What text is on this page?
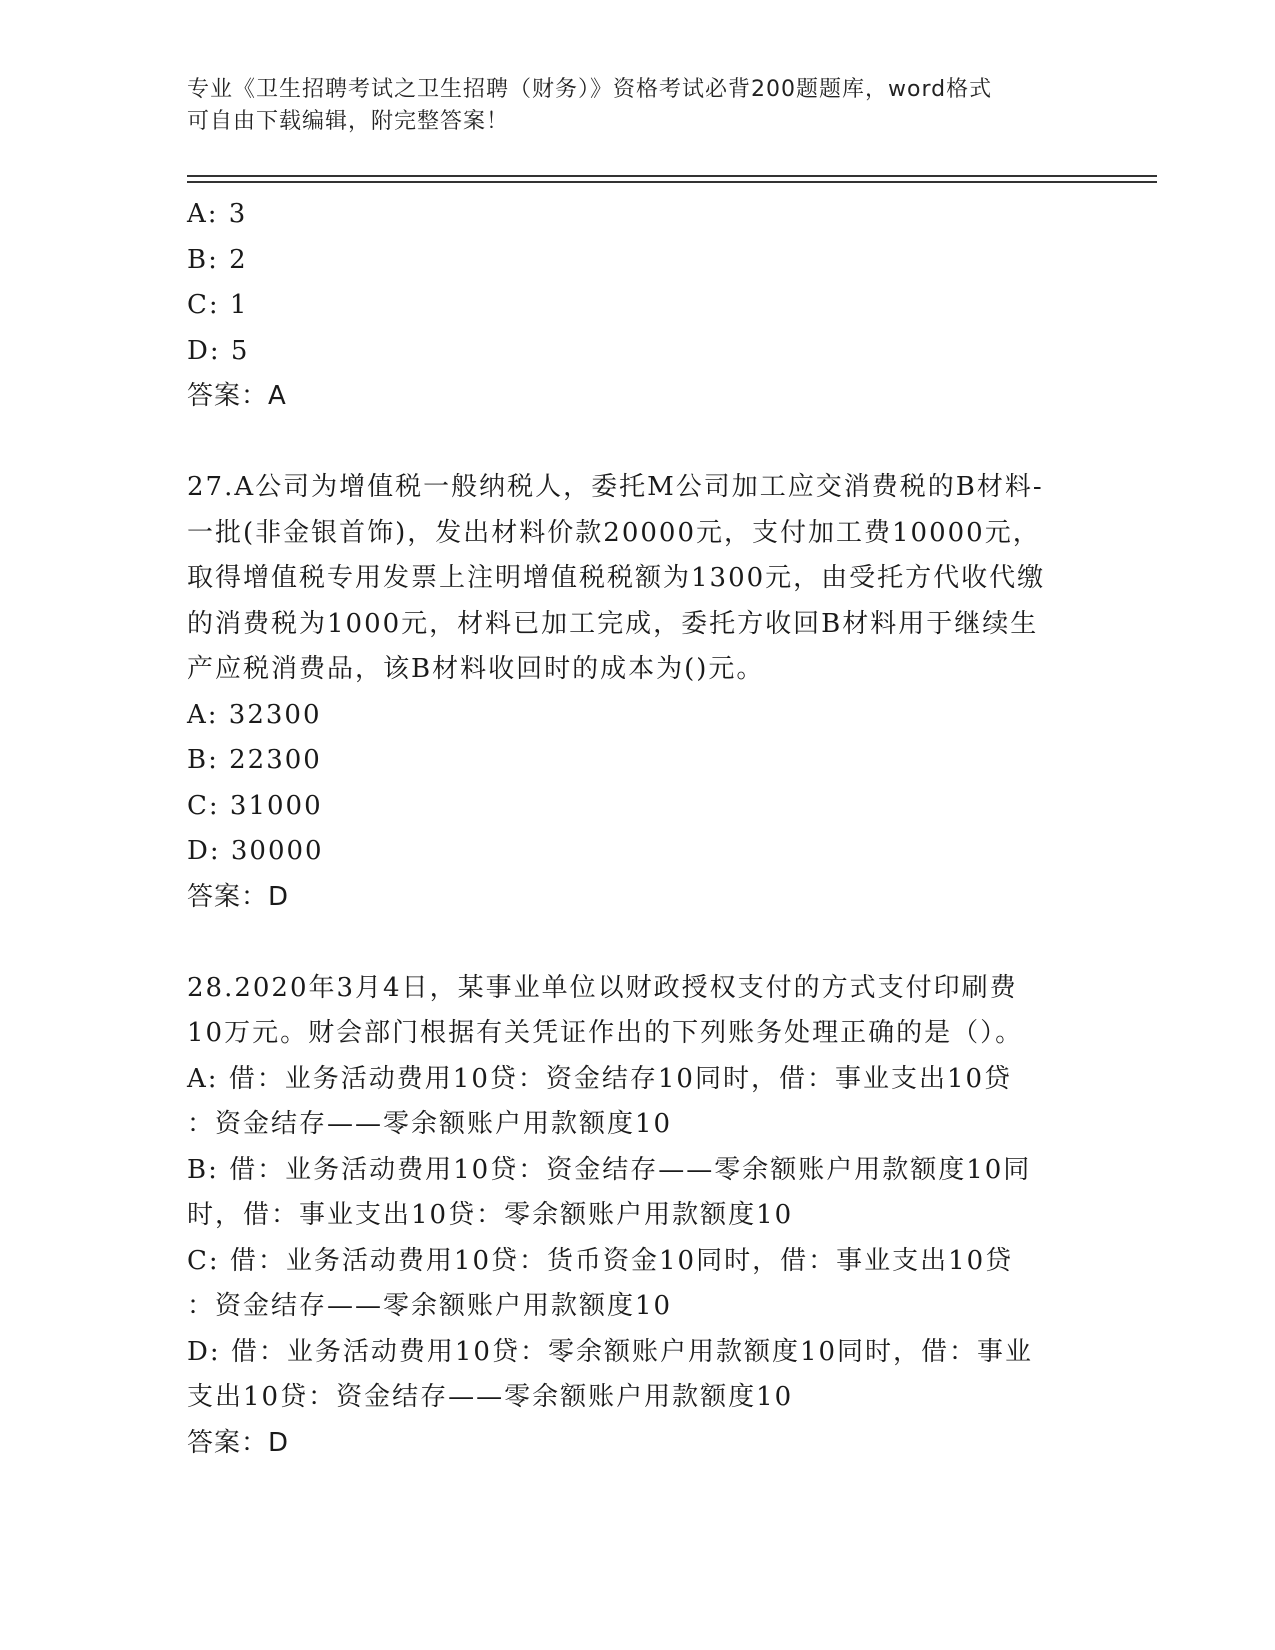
专业《卫生招聘考试之卫生招聘（财务）》资格考试必背200题题库，word格式

可自由下载编辑，附完整答案！

A: 3

B: 2

C: 1

D: 5

答案：A

27.A公司为增值税一般纳税人，委托M公司加工应交消费税的B材料-

一批(非金银首饰)，发出材料价款20000元，支付加工费10000元，

取得增值税专用发票上注明增值税税额为1300元，由受托方代收代缴

的消费税为1000元，材料已加工完成，委托方收回B材料用于继续生

产应税消费品，该B材料收回时的成本为()元。

A: 32300

B: 22300

C: 31000

D: 30000

答案：D

28.2020年3月4日，某事业单位以财政授权支付的方式支付印刷费

10万元。财会部门根据有关凭证作出的下列账务处理正确的是（）。

A: 借：业务活动费用10贷：资金结存10同时，借：事业支出10贷

：资金结存——零余额账户用款额度10

B: 借：业务活动费用10贷：资金结存——零余额账户用款额度10同

时，借：事业支出10贷：零余额账户用款额度10

C: 借：业务活动费用10贷：货币资金10同时，借：事业支出10贷

：资金结存——零余额账户用款额度10

D: 借：业务活动费用10贷：零余额账户用款额度10同时，借：事业

支出10贷：资金结存——零余额账户用款额度10

答案：D
